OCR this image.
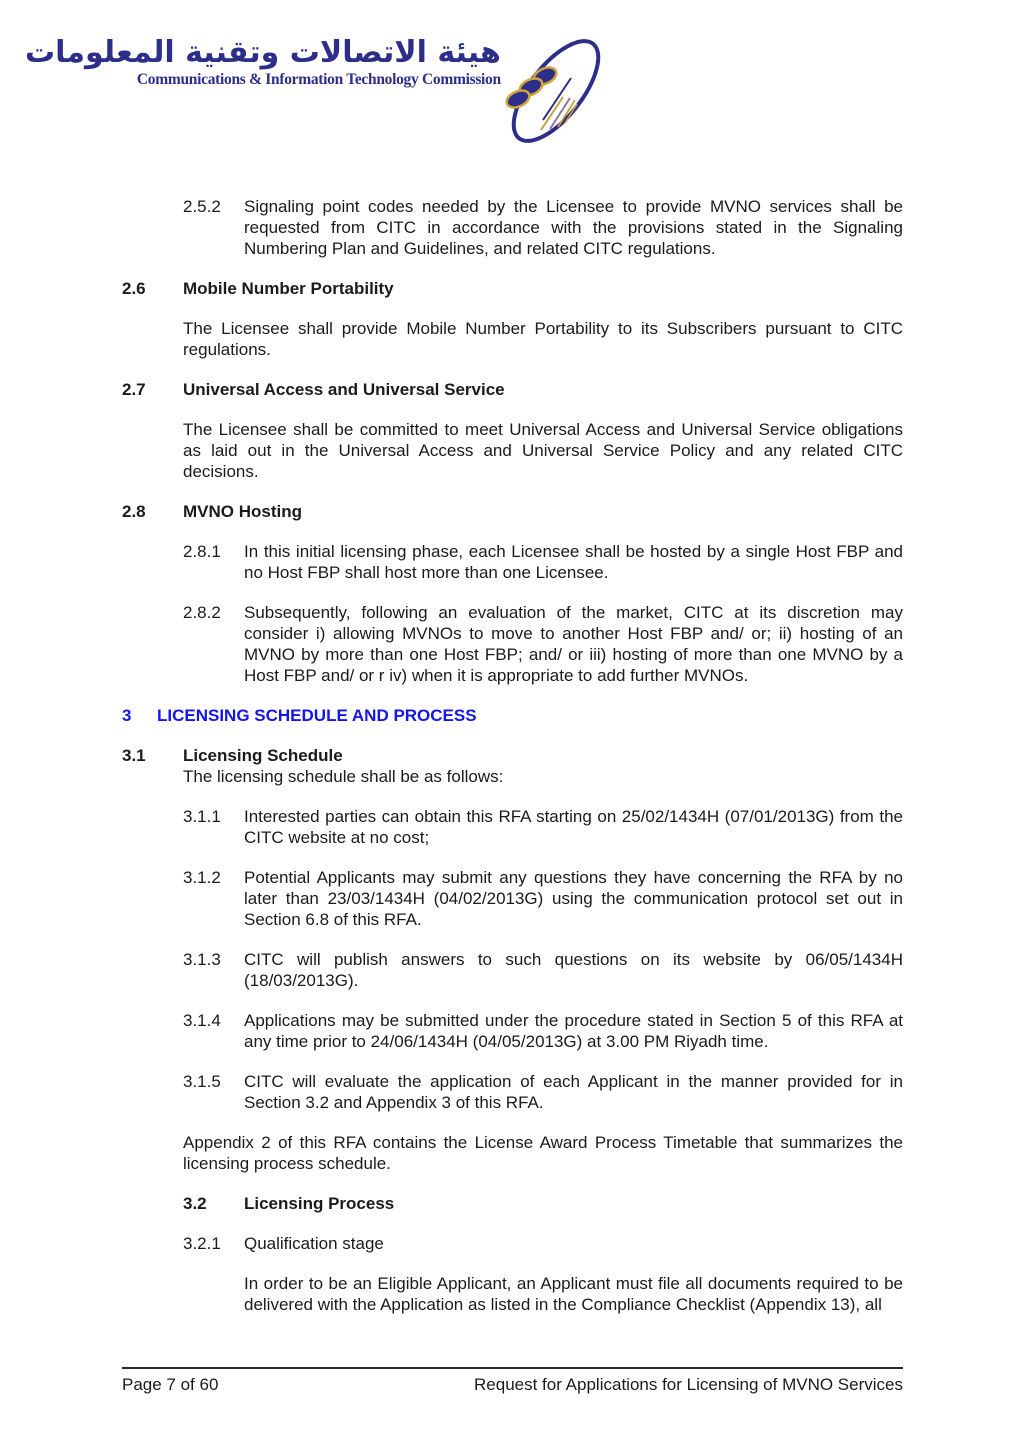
هيئة الاتصالات وتقنية المعلومات
Communications & Information Technology Commission
2.5.2	Signaling point codes needed by the Licensee to provide MVNO services shall be requested from CITC in accordance with the provisions stated in the Signaling Numbering Plan and Guidelines, and related CITC regulations.
2.6	Mobile Number Portability
The Licensee shall provide Mobile Number Portability to its Subscribers pursuant to CITC regulations.
2.7	Universal Access and Universal Service
The Licensee shall be committed to meet Universal Access and Universal Service obligations as laid out in the Universal Access and Universal Service Policy and any related CITC decisions.
2.8	MVNO Hosting
2.8.1	In this initial licensing phase, each Licensee shall be hosted by a single Host FBP and no Host FBP shall host more than one Licensee.
2.8.2	Subsequently, following an evaluation of the market, CITC at its discretion may consider i) allowing MVNOs to move to another Host FBP and/ or; ii) hosting of an MVNO by more than one Host FBP; and/ or iii) hosting of more than one MVNO by a Host FBP and/ or r iv) when it is appropriate to add further MVNOs.
3	LICENSING SCHEDULE AND PROCESS
3.1	Licensing Schedule
The licensing schedule shall be as follows:
3.1.1	Interested parties can obtain this RFA starting on 25/02/1434H (07/01/2013G) from the CITC website at no cost;
3.1.2	Potential Applicants may submit any questions they have concerning the RFA by no later than 23/03/1434H (04/02/2013G) using the communication protocol set out in Section 6.8 of this RFA.
3.1.3	CITC will publish answers to such questions on its website by 06/05/1434H (18/03/2013G).
3.1.4	Applications may be submitted under the procedure stated in Section 5 of this RFA at any time prior to 24/06/1434H (04/05/2013G) at 3.00 PM Riyadh time.
3.1.5	CITC will evaluate the application of each Applicant in the manner provided for in Section 3.2 and Appendix 3 of this RFA.
Appendix 2 of this RFA contains the License Award Process Timetable that summarizes the licensing process schedule.
3.2	Licensing Process
3.2.1	Qualification stage
In order to be an Eligible Applicant, an Applicant must file all documents required to be delivered with the Application as listed in the Compliance Checklist (Appendix 13), all
Page 7 of 60	Request for Applications for Licensing of MVNO Services
